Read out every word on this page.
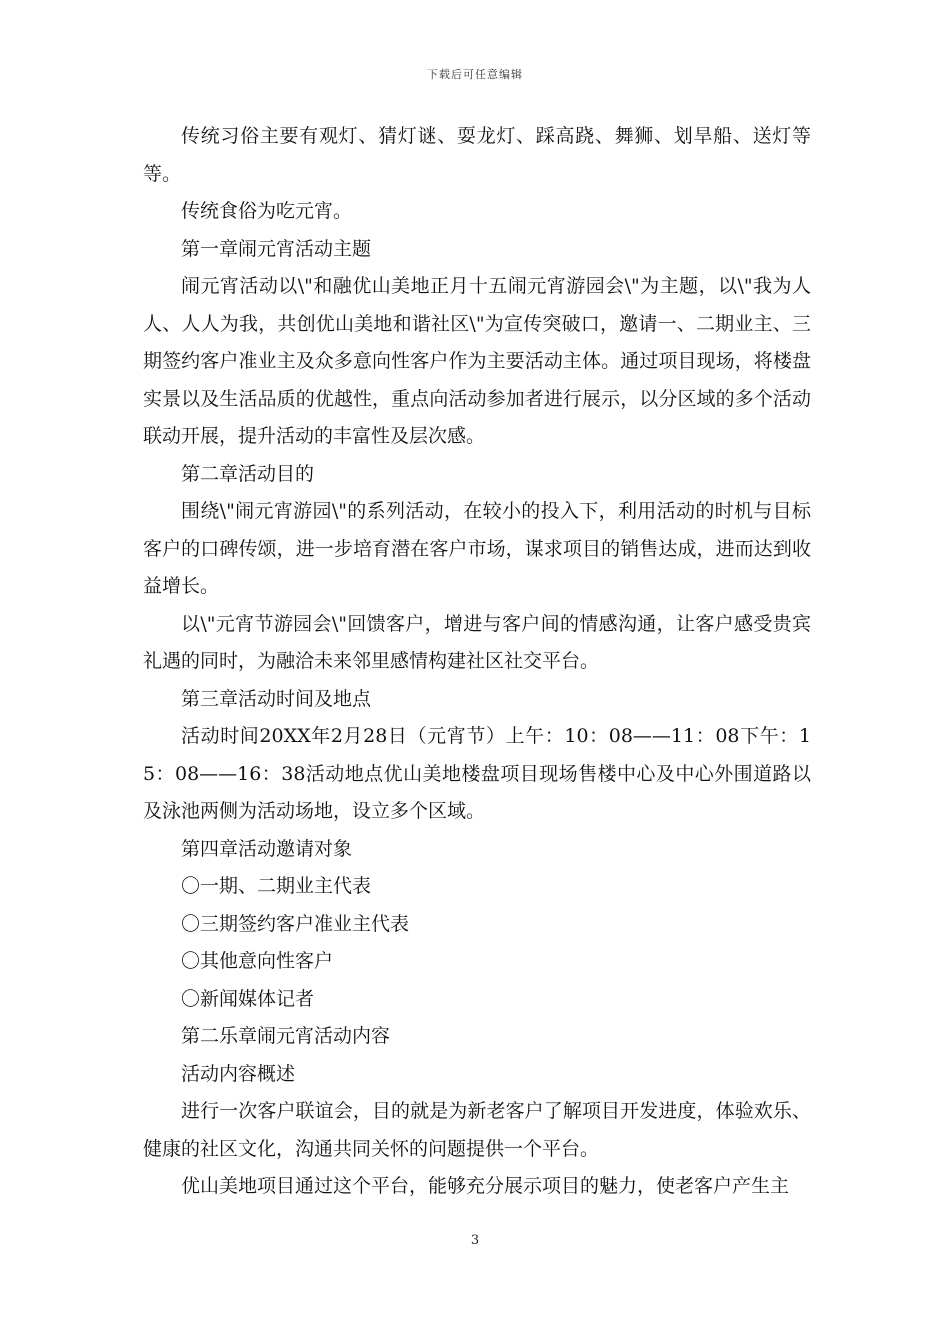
下载后可任意编辑

传统习俗主要有观灯、猜灯谜、耍龙灯、踩高跷、舞狮、划旱船、送灯等等。

传统食俗为吃元宵。

第一章闹元宵活动主题

闹元宵活动以\"和融优山美地正月十五闹元宵游园会\"为主题，以\"我为人人、人人为我，共创优山美地和谐社区\"为宣传突破口，邀请一、二期业主、三期签约客户准业主及众多意向性客户作为主要活动主体。通过项目现场，将楼盘实景以及生活品质的优越性，重点向活动参加者进行展示，以分区域的多个活动联动开展，提升活动的丰富性及层次感。

第二章活动目的

围绕\"闹元宵游园\"的系列活动，在较小的投入下，利用活动的时机与目标客户的口碑传颂，进一步培育潜在客户市场，谋求项目的销售达成，进而达到收益增长。

以\"元宵节游园会\"回馈客户，增进与客户间的情感沟通，让客户感受贵宾礼遇的同时，为融洽未来邻里感情构建社区社交平台。

第三章活动时间及地点

活动时间20XX年2月28日（元宵节）上午：10：08——11：08下午：15：08——16：38活动地点优山美地楼盘项目现场售楼中心及中心外围道路以及泳池两侧为活动场地，设立多个区域。

第四章活动邀请对象

〇一期、二期业主代表

〇三期签约客户准业主代表

〇其他意向性客户

〇新闻媒体记者

第二乐章闹元宵活动内容

活动内容概述

进行一次客户联谊会，目的就是为新老客户了解项目开发进度，体验欢乐、健康的社区文化，沟通共同关怀的问题提供一个平台。

优山美地项目通过这个平台，能够充分展示项目的魅力，使老客户产生主

3
